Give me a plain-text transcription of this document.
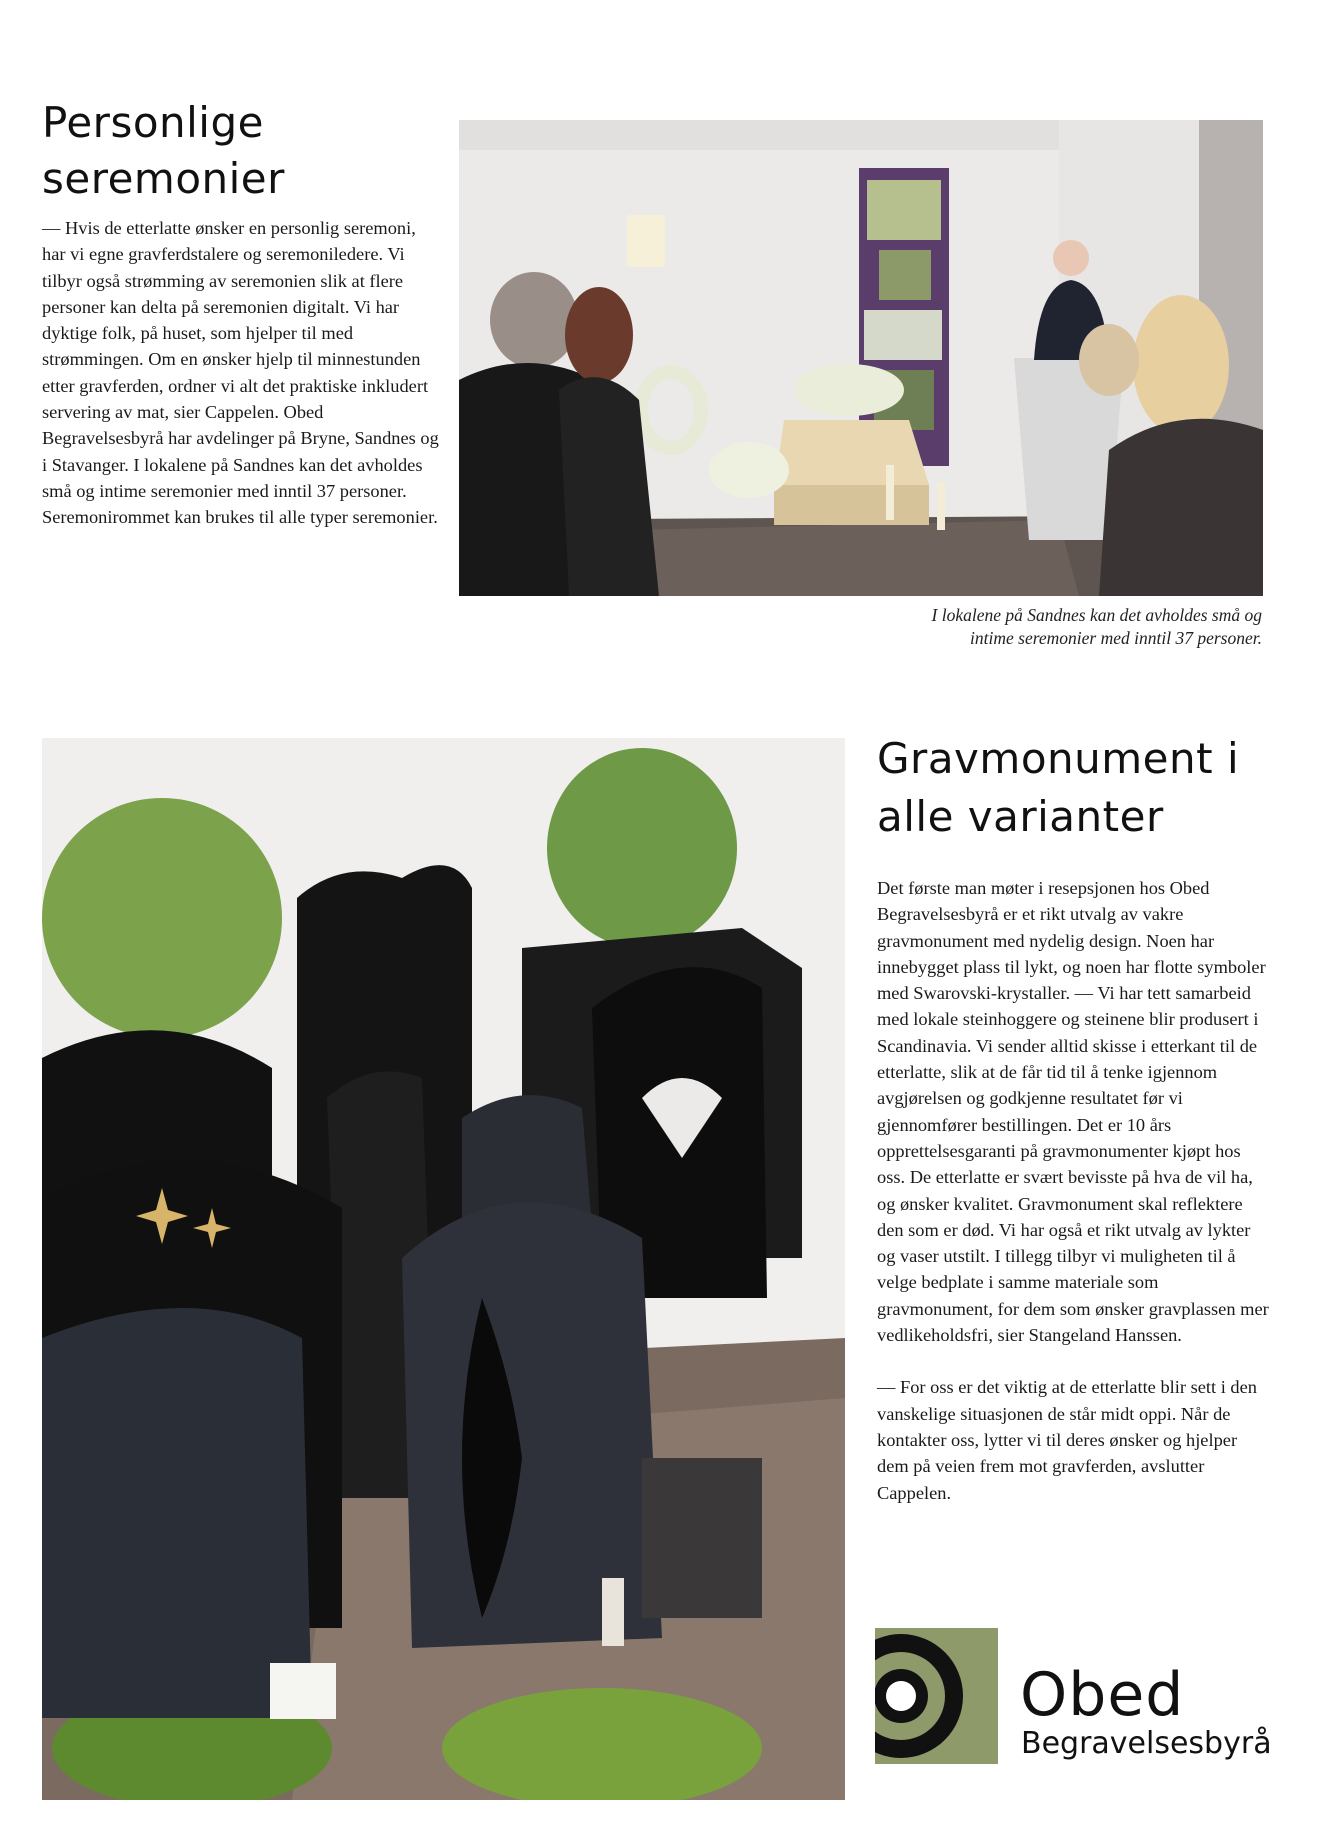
Personlige
seremonier

— Hvis de etterlatte ønsker en personlig seremoni, har vi egne gravferdstalere og seremoniledere. Vi tilbyr også strømming av seremonien slik at flere personer kan delta på seremonien digitalt. Vi har dyktige folk, på huset, som hjelper til med strømmingen. Om en ønsker hjelp til minnestunden etter gravferden, ordner vi alt det praktiske inkludert servering av mat, sier Cappelen. Obed Begravelsesbyrå har avdelinger på Bryne, Sandnes og i Stavanger. I lokalene på Sandnes kan det avholdes små og intime seremonier med inntil 37 personer. Seremonirommet kan brukes til alle typer seremonier.

I lokalene på Sandnes kan det avholdes små og
intime seremonier med inntil 37 personer.
Gravmonument i
alle varianter

Det første man møter i resepsjonen hos Obed Begravelsesbyrå er et rikt utvalg av vakre gravmonument med nydelig design. Noen har innebygget plass til lykt, og noen har flotte symboler med Swarovski-krystaller. — Vi har tett samarbeid med lokale steinhoggere og steinene blir produsert i Scandinavia. Vi sender alltid skisse i etterkant til de etterlatte, slik at de får tid til å tenke igjennom avgjørelsen og godkjenne resultatet før vi gjennomfører bestillingen. Det er 10 års opprettelsesgaranti på gravmonumenter kjøpt hos oss. De etterlatte er svært bevisste på hva de vil ha, og ønsker kvalitet. Gravmonument skal reflektere den som er død. Vi har også et rikt utvalg av lykter og vaser utstilt. I tillegg tilbyr vi muligheten til å velge bedplate i samme materiale som gravmonument, for dem som ønsker gravplassen mer vedlikeholdsfri, sier Stangeland Hanssen.

— For oss er det viktig at de etterlatte blir sett i den vanskelige situasjonen de står midt oppi. Når de kontakter oss, lytter vi til deres ønsker og hjelper dem på veien frem mot gravferden, avslutter Cappelen.

Obed
Begravelsesbyrå
